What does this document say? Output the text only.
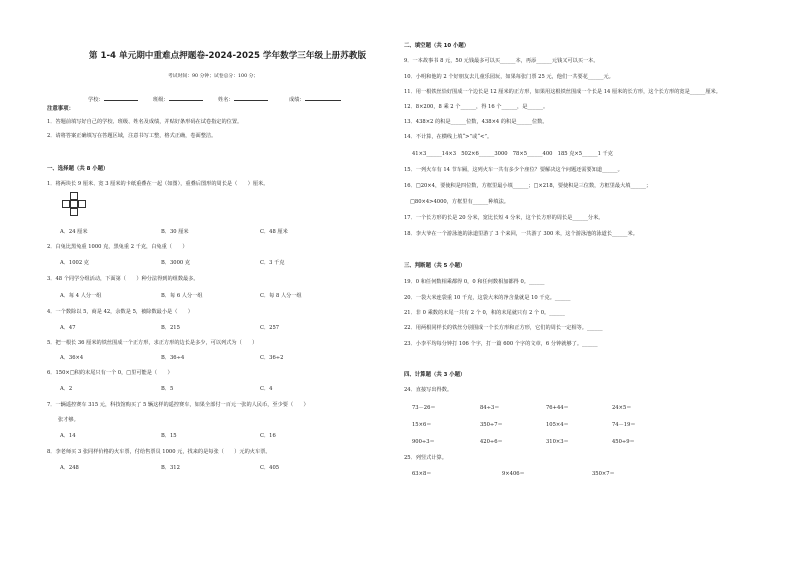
第 1-4 单元期中重难点押题卷-2024-2025 学年数学三年级上册苏教版
考试时间：90 分钟；试卷总分：100 分；
学校：	班级：	姓名：	成绩：
注意事项：
1．答题前填写好自己的学校、班级、姓名及成绩，并贴好条形码在试卷指定的位置。
2．请将答案正确填写在答题区域，注意书写工整，格式正确，卷面整洁。
一、选择题（共 8 小题）
1．将两块长 9 厘米、宽 3 厘米的卡纸重叠在一起（如图），重叠后图形的周长是（　　）厘米。
A．24 厘米	B．30 厘米	C．48 厘米
2．白兔比黑兔重 1000 克，黑兔重 2 千克，白兔重（　　）
A．1002 克	B．3000 克	C．3 千克
3．48 个同学分组活动，下面第（　　）种分法得到的组数最多。
A．每 4 人分一组	B．每 6 人分一组	C．每 8 人分一组
4．一个数除以 5，商是 42，余数是 5，被除数最小是（　　）
A．47	B．215	C．257
5．把一根长 36 厘米的铁丝围成一个正方形，求正方形的边长是多少，可以列式为（　　）
A．36×4	B．36÷4	C．36÷2
6．150×□积的末尾只有一个 0，□里可能是（　　）
A．2	B．5	C．4
7．一辆遥控赛车 315 元，科技馆购买了 5 辆这样的遥控赛车，如果全部付一百元一张的人民币，至少要（　　）
张才够。
A．14	B．15	C．16
8．李老师买 3 张同样价格的火车票，付给售票员 1000 元，找来的是每张（　　）元的火车票。
A．248	B．312	C．405
二、填空题（共 10 小题）
9．一本故事书 8 元，50 元钱最多可以买______本，再添______元钱又可以买一本。
10．小明和他的 2 个好朋友去儿童乐园玩，如果每张门票 25 元，他们一共要花______元。
11．用一根铁丝恰好围成一个边长是 12 厘米的正方形，如果用这根铁丝围成一个长是 14 厘米的长方形，这个长方形的宽是______厘米。
12．8×200，8 乘 2 个______，得 16 个______，是______。
13．438×2 的积是______位数，438×4 的积是______位数。
14．不计算，在横线上填“>”或“<”。
41×3______14×3　502×6______3000　78×5______400　185 克×5______1 千克
15．一列火车有 14 节车厢，这列火车一共有多少个座位？要解决这个问题还需要知道______。
16．□20×4，要使积是四位数，方框里最小填______；□×218，要使积是三位数，方框里最大填______；
□80×4>4000，方框里有______种填法。
17．一个长方形的长是 20 分米，宽比长短 4 分米，这个长方形的周长是______分米。
18．李大爷在一个游泳池的泳道里游了 3 个来回，一共游了 300 米，这个游泳池的泳道长______米。
三、判断题（共 5 小题）
19．0 和任何数相乘都得 0，0 和任何数相加都得 0。______
20．一袋大米连袋重 10 千克，这袋大米的净含量就是 10 千克。______
21．非 0 乘数的末尾一共有 2 个 0，积的末尾就只有 2 个 0。______
22．用两根同样长的铁丝分别围成一个长方形和正方形，它们的周长一定相等。______
23．小李平均每分钟打 106 个字，打一篇 600 个字的文章，6 分钟就够了。______
四、计算题（共 3 小题）
24．直接写出得数。
73－26＝	84÷3＝	76+44＝	24×5＝
15×6＝	350÷7＝	105×4＝	74－19＝
900÷3＝	420÷6＝	310×3＝	450÷9＝
25．列竖式计算。
63×8＝	9×406＝	350×7＝
